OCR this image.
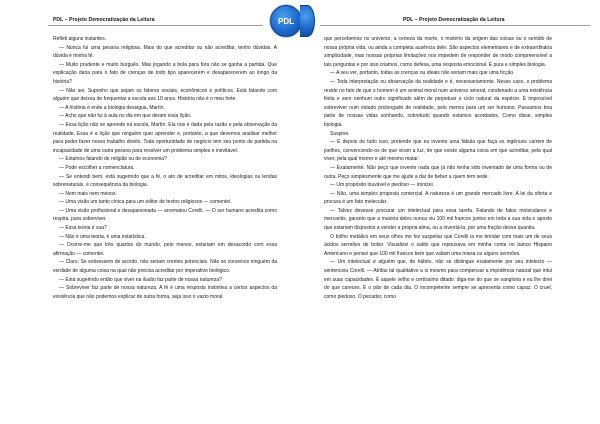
PDL – Projeto Democratização da Leitura	PDL

Refleti alguns instantes.

— Nunca fui uma pessoa religiosa. Mais do que acreditar ou não acreditar, tenho dúvidas. A dúvida é minha fé.

— Muito prudente e muito burguês. Mas jogando a bola para fora não se ganha a partida. Que explicação daria para o fato de crenças de todo tipo aparecerem e desaparecerem ao longo da história?

— Não sei. Suponho que sejam os fatores sociais, econômicos e políticos. Está falando com alguém que deixou de frequentar a escola aos 10 anos. História não é o meu forte.

— A história é ende a biologia dessigua, Martín.

— Acho que não fui à aula no dia em que deram essa lição.

— Essa lição não se aprende na escola, Martín. Ela nos é dada pela razão e pela observação da realidade. Essa é a lição que ninguém quer aprender e, portanto, a que devemos analisar melhor para poder fazer nosso trabalho direito. Toda oportunidade de negócio tem seu ponto de partida na incapacidade de uma outra pessoa para resolver um problema simples e inevitável.

— Estamos falando de religião ou de economia?

— Pode escolher a nomenclatura.

— Se entendi bem, está sugerindo que a fé, o ato de acreditar em mitos, ideologias ou lendas sobrenaturais, é consequência da biologia.

— Nem mais nem menos.

— Uma visão um tanto cínica para um editor de textos religiosos — comentei.

— Uma visão profissional e desapaixonada — arrematou Corelli. — O ser humano acredita como respira, para sobreviver.

— Essa teoria é sua?

— Não é uma teoria, é uma estatística.

— Ocorre-me que três quartos do mundo, pelo menos, estariam em desacordo com essa afirmação — comentei.

— Claro. Se estivessem de acordo, não seriam crentes potenciais. Não se convence ninguém da verdade de alguma coisa na qual não precisa acreditar por imperativo biológico.

— Está sugerindo então que viver na ilusão faz parte de nossa natureza?

— Sobreviver faz parte de nossa natureza. A fé é uma resposta instintiva a certos aspectos da existência que não podemos explicar de outra forma, seja isso o vazio moral

PDL – Projeto Democratização da Leitura

que percebemos no universo, a certeza da morte, o mistério da origem das coisas ou o sentido de nossa própria vida, ou ainda a completa ausência dele. São aspectos elementares e de extraordinária simplicidade, mas nossas próprias limitações nos impedem de responder de modo compreensível a tais perguntas e por isso criamos, como defesa, uma resposta emocional. É pura e simples biologia.

— A seu ver, portanto, todas as crenças ou ideais não seriam mais que uma ficção.

— Toda interpretação ou observação da realidade o é, necessariamente. Nesse caso, o problema reside no fato de que o homem é um animal moral num universo amoral, condenado a uma existência finita e sem nenhum outro significado além de perpetuar o ciclo natural da espécie. É impossível sobreviver num estado prolongado de realidade, pelo menos para um ser humano. Passamos boa parte de nossas vidas sonhando, sobretudo quando estamos acordados. Como disse, simples biologia.

Suspirei.

— E depois de tudo isso, pretende que eu invente uma fábula que faça os ingênuos caírem de joelhos, convencendo-os de que viram a luz, de que existe alguma coisa em que acreditar, pela qual viver, pela qual morrer e até mesmo matar.

— Exatamente. Não peço que invente nada que já não tenha sido inventado de uma forma ou de outra. Peço simplesmente que me ajude a dar de beber a quem tem sede.

— Um propósito louvável e piedoso — ironizei.

— Não, uma simples proposta comercial. A natureza é um grande mercado livre. A lei da oferta e procura é um fato molecular.

— Talvez devesse procurar um intelectual para essa tarefa. Falando de fatos moleculares e mercantis, garanto que a maioria deles nunca viu 100 mil francos juntos em toda a sua vida e aposto que estariam dispostos a vender a própria alma, ou a inventá-la, por uma fração dessa quantia.

O brilho metálico em seus olhos me fez suspeitar que Corelli ia me brindar com mais um de seus ácidos sermões de bolso. Visualizei o saldo que repousava em minha conta no banco Hispano Americano e pensei que 100 mil francos bem que valiam uma missa ou alguns sermões.

— Um intelectual é alguém que, de hábito, não se distingue exatamente por seu intelecto — sentenciou Corelli. — Atribui tal qualitativo a si mesmo para compensar a impotência natural que intui em suas capacidades. É aquele velho e certíssimo ditado: diga-me do que se vangloria e eu lhe direi do que careces. É o pão de cada dia. O incompetente sempre se apresenta como capaz. O cruel, como piedoso. O pecador, como
